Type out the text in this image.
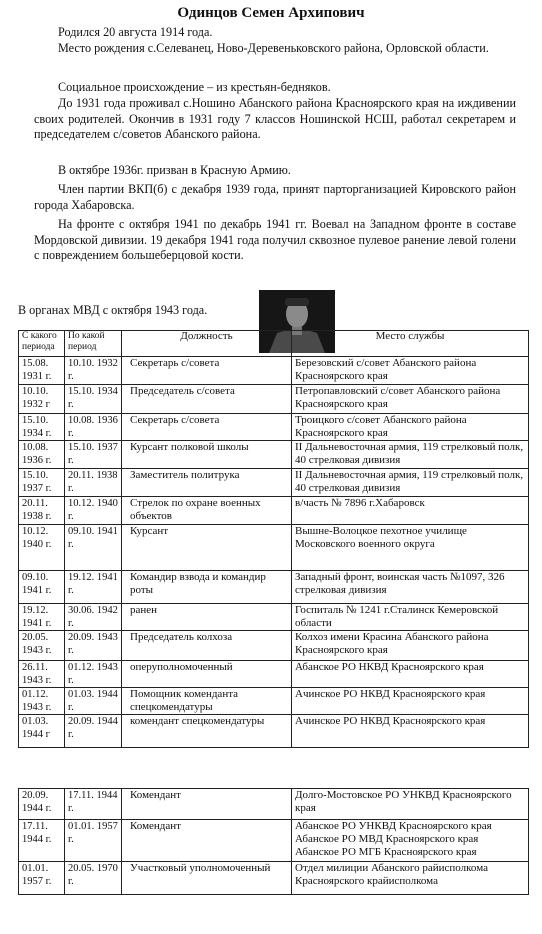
Одинцов Семен Архипович
Родился 20 августа 1914 года.
Место рождения с.Селеванец, Ново-Деревеньковского района, Орловской области.
Социальное происхождение – из крестьян-бедняков.
До 1931 года проживал с.Ношино Абанского района Красноярского края на иждивении своих родителей. Окончив в 1931 году 7 классов Ношинской НСШ, работал секретарем и председателем с/советов Абанского района.
В октябре 1936г. призван в Красную Армию.
Член партии ВКП(б) с декабря 1939 года, принят парторганизацией Кировского район города Хабаровска.
На фронте с октября 1941 по декабрь 1941 гг. Воевал на Западном фронте в составе Мордовской дивизии. 19 декабря 1941 года получил сквозное пулевое ранение левой голени с повреждением большеберцовой кости.
В органах МВД с октября 1943 года.
С какого периода	По какой период	Должность	Место службы
15.08. 1931 г.	10.10. 1932 г.	Секретарь с/совета	Березовский с/совет Абанского района Красноярского края
10.10. 1932 г	15.10. 1934 г.	Председатель с/совета	Петропавловский с/совет Абанского района Красноярского края
15.10. 1934 г.	10.08. 1936 г.	Секретарь с/совета	Троицкого с/совет Абанского района Красноярского края
10.08. 1936 г.	15.10. 1937 г.	Курсант полковой школы	II Дальневосточная армия, 119 стрелковый полк, 40 стрелковая дивизия
15.10. 1937 г.	20.11. 1938 г.	Заместитель политрука	II Дальневосточная армия, 119 стрелковый полк, 40 стрелковая дивизия
20.11. 1938 г.	10.12. 1940 г.	Стрелок по охране военных объектов	в/часть № 7896 г.Хабаровск
10.12. 1940 г.	09.10. 1941 г.	Курсант	Вышне-Волоцкое пехотное училище Московского военного округа
09.10. 1941 г.	19.12. 1941 г.	Командир взвода и командир роты	Западный фронт, воинская часть №1097, 326 стрелковая дивизия
19.12. 1941 г.	30.06. 1942 г.	ранен	Госпиталь № 1241 г.Сталинск Кемеровской области
20.05. 1943 г.	20.09. 1943 г.	Председатель колхоза	Колхоз имени Красина Абанского района Красноярского края
26.11. 1943 г.	01.12. 1943 г.	оперуполномоченный	Абанское РО НКВД Красноярского края
01.12. 1943 г.	01.03. 1944 г.	Помощник коменданта спецкомендатуры	Ачинское РО НКВД Красноярского края
01.03. 1944 г	20.09. 1944 г.	комендант спецкомендатуры	Ачинское РО НКВД Красноярского края
20.09. 1944 г.	17.11. 1944 г.	Комендант	Долго-Мостовское РО УНКВД Красноярского края
17.11. 1944 г.	01.01. 1957 г.	Комендант	Абанское РО УНКВД Красноярского края Абанское РО МВД Красноярского края Абанское РО МГБ Красноярского края
01.01. 1957 г.	20.05. 1970 г.	Участковый уполномоченный	Отдел милиции Абанского райисполкома Красноярского крайисполкома
